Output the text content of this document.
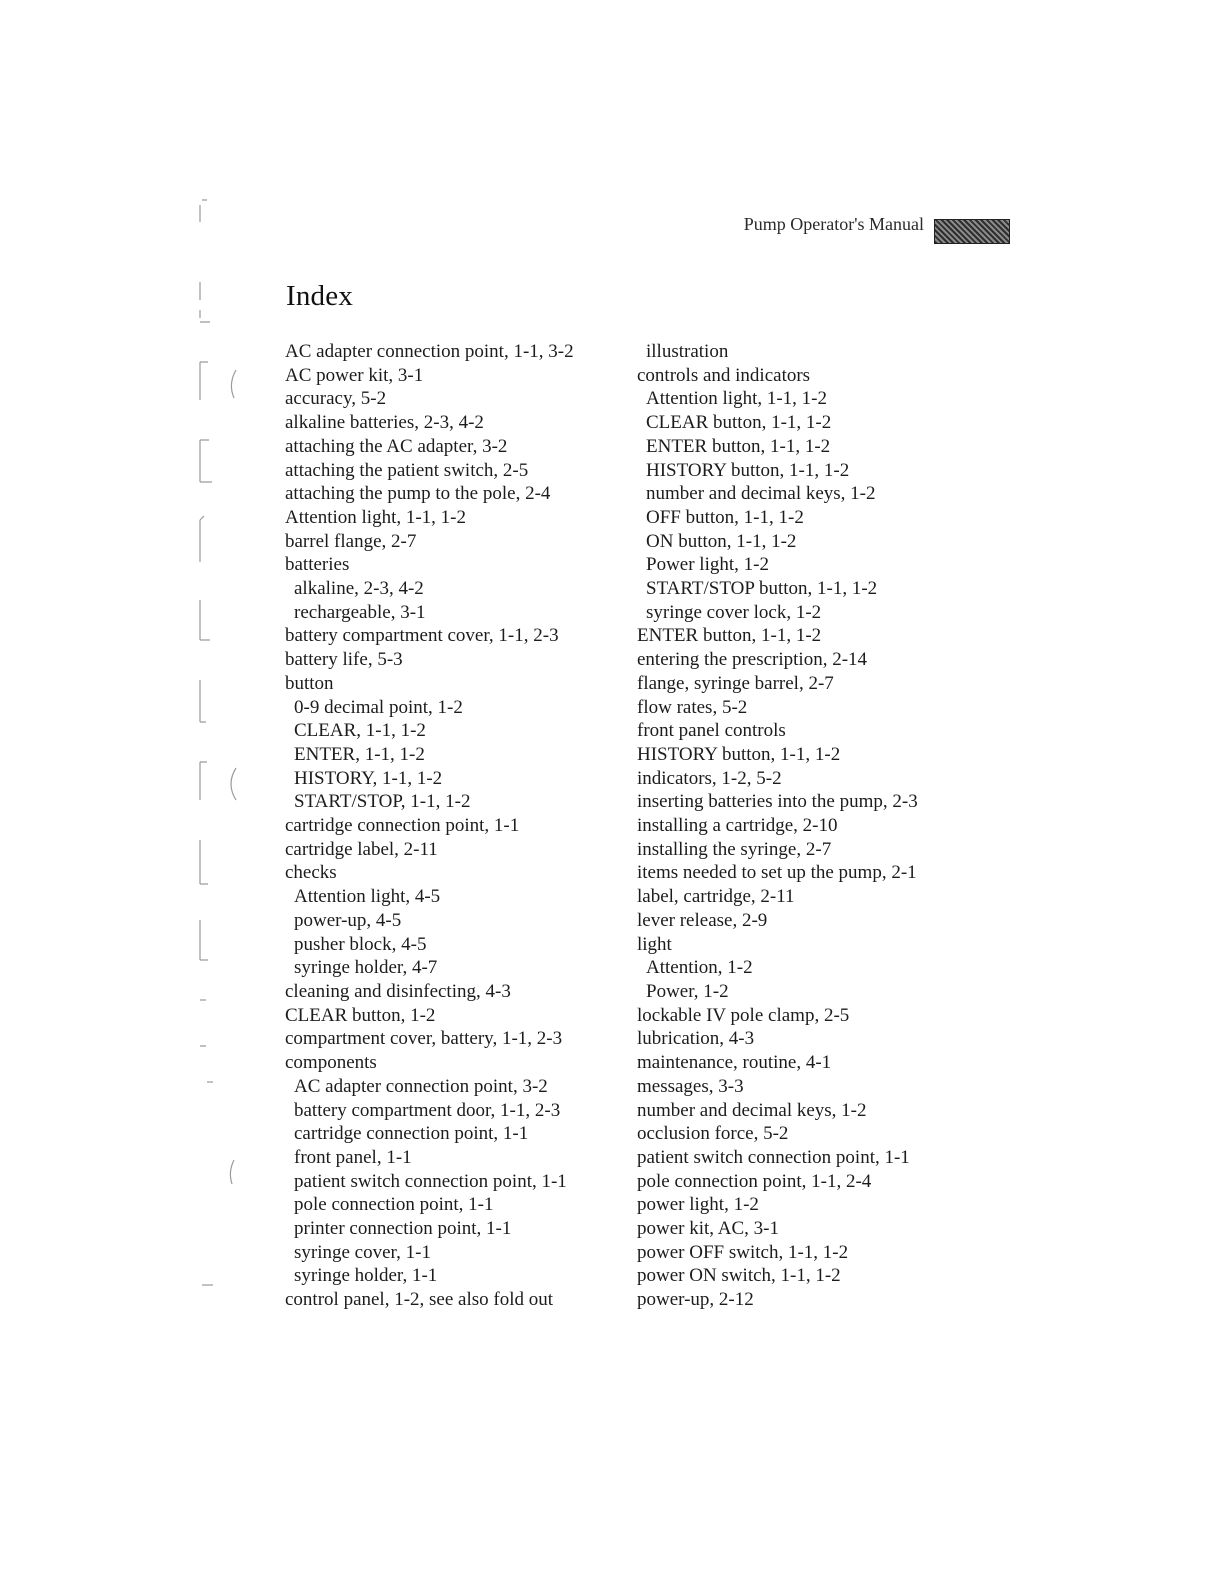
Pump Operator's Manual
Index
AC adapter connection point, 1-1, 3-2
AC power kit, 3-1
accuracy, 5-2
alkaline batteries, 2-3, 4-2
attaching the AC adapter, 3-2
attaching the patient switch, 2-5
attaching the pump to the pole, 2-4
Attention light, 1-1, 1-2
barrel flange, 2-7
batteries
alkaline, 2-3, 4-2
rechargeable, 3-1
battery compartment cover, 1-1, 2-3
battery life, 5-3
button
0-9 decimal point, 1-2
CLEAR, 1-1, 1-2
ENTER, 1-1, 1-2
HISTORY, 1-1, 1-2
START/STOP, 1-1, 1-2
cartridge connection point, 1-1
cartridge label, 2-11
checks
Attention light, 4-5
power-up, 4-5
pusher block, 4-5
syringe holder, 4-7
cleaning and disinfecting, 4-3
CLEAR button, 1-2
compartment cover, battery, 1-1, 2-3
components
AC adapter connection point, 3-2
battery compartment door, 1-1, 2-3
cartridge connection point, 1-1
front panel, 1-1
patient switch connection point, 1-1
pole connection point, 1-1
printer connection point, 1-1
syringe cover, 1-1
syringe holder, 1-1
control panel, 1-2, see also fold out
illustration
controls and indicators
Attention light, 1-1, 1-2
CLEAR button, 1-1, 1-2
ENTER button, 1-1, 1-2
HISTORY button, 1-1, 1-2
number and decimal keys, 1-2
OFF button, 1-1, 1-2
ON button, 1-1, 1-2
Power light, 1-2
START/STOP button, 1-1, 1-2
syringe cover lock, 1-2
ENTER button, 1-1, 1-2
entering the prescription, 2-14
flange, syringe barrel, 2-7
flow rates, 5-2
front panel controls
HISTORY button, 1-1, 1-2
indicators, 1-2, 5-2
inserting batteries into the pump, 2-3
installing a cartridge, 2-10
installing the syringe, 2-7
items needed to set up the pump, 2-1
label, cartridge, 2-11
lever release, 2-9
light
Attention, 1-2
Power, 1-2
lockable IV pole clamp, 2-5
lubrication, 4-3
maintenance, routine, 4-1
messages, 3-3
number and decimal keys, 1-2
occlusion force, 5-2
patient switch connection point, 1-1
pole connection point, 1-1, 2-4
power light, 1-2
power kit, AC, 3-1
power OFF switch, 1-1, 1-2
power ON switch, 1-1, 1-2
power-up, 2-12
